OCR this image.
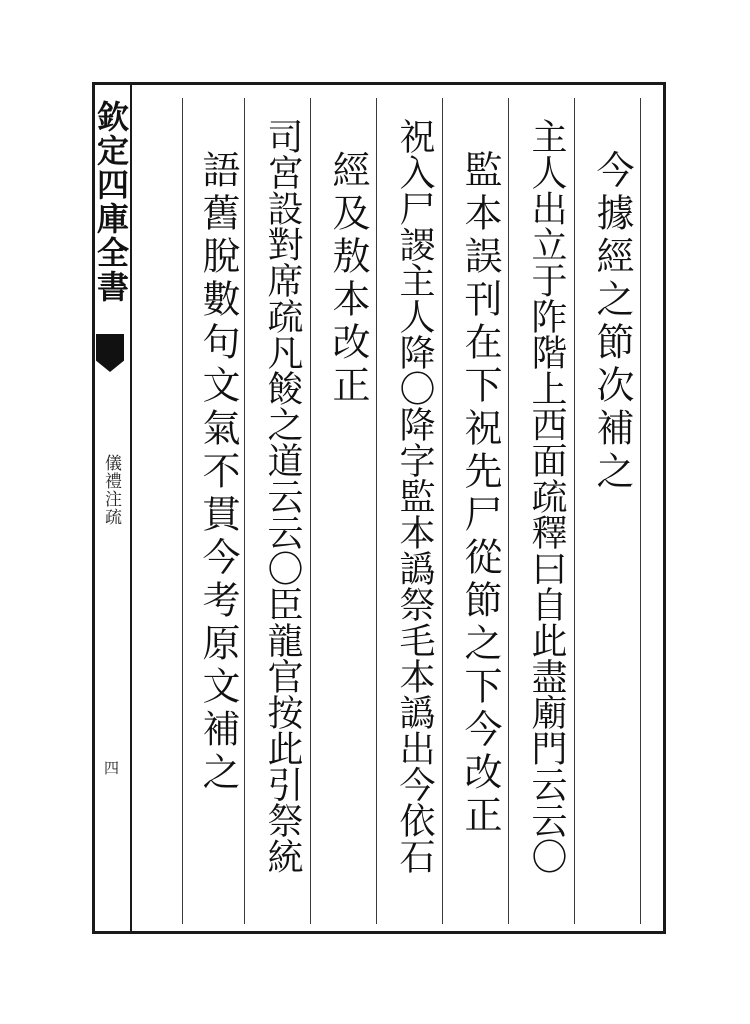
欽定四庫全書
儀禮注疏
四
今據經之節次補之
主人出立于阼階上西面疏釋曰自此盡廟門云云〇
監本誤刊在下祝先尸從節之下今改正
祝入尸謖主人降〇降字監本譌祭毛本譌出今依石
經及敖本改正
司宮設對席疏凡餕之道云云〇臣龍官按此引祭統
語舊脫數句文氣不貫今考原文補之
